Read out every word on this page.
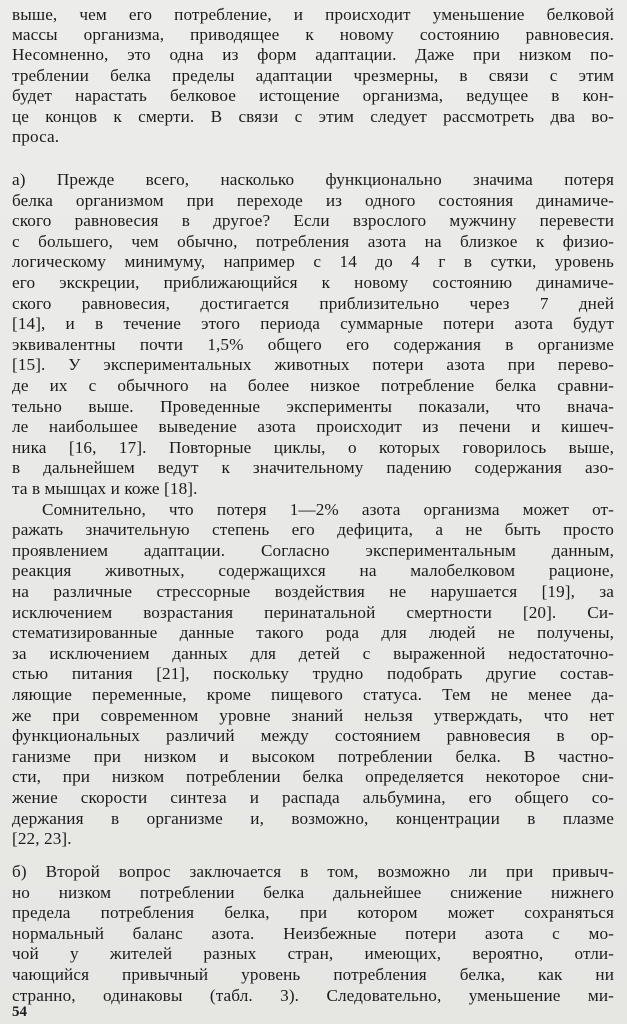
выше, чем его потребление, и происходит уменьшение белковой
массы организма, приводящее к новому состоянию равновесия.
Несомненно, это одна из форм адаптации. Даже при низком по-
треблении белка пределы адаптации чрезмерны, в связи с этим
будет нарастать белковое истощение организма, ведущее в кон-
це концов к смерти. В связи с этим следует рассмотреть два во-
проса.
а) Прежде всего, насколько функционально значима потеря
белка организмом при переходе из одного состояния динамиче-
ского равновесия в другое? Если взрослого мужчину перевести
с большего, чем обычно, потребления азота на близкое к физио-
логическому минимуму, например с 14 до 4 г в сутки, уровень
его экскреции, приближающийся к новому состоянию динамиче-
ского равновесия, достигается приблизительно через 7 дней
[14], и в течение этого периода суммарные потери азота будут
эквивалентны почти 1,5% общего его содержания в организме
[15]. У экспериментальных животных потери азота при перево-
де их с обычного на более низкое потребление белка сравни-
тельно выше. Проведенные эксперименты показали, что внача-
ле наибольшее выведение азота происходит из печени и кишеч-
ника [16, 17]. Повторные циклы, о которых говорилось выше,
в дальнейшем ведут к значительному падению содержания азо-
та в мышцах и коже [18].
Сомнительно, что потеря 1—2% азота организма может от-
ражать значительную степень его дефицита, а не быть просто
проявлением адаптации. Согласно экспериментальным данным,
реакция животных, содержащихся на малобелковом рационе,
на различные стрессорные воздействия не нарушается [19], за
исключением возрастания перинатальной смертности [20]. Си-
стематизированные данные такого рода для людей не получены,
за исключением данных для детей с выраженной недостаточно-
стью питания [21], поскольку трудно подобрать другие состав-
ляющие переменные, кроме пищевого статуса. Тем не менее да-
же при современном уровне знаний нельзя утверждать, что нет
функциональных различий между состоянием равновесия в ор-
ганизме при низком и высоком потреблении белка. В частно-
сти, при низком потреблении белка определяется некоторое сни-
жение скорости синтеза и распада альбумина, его общего со-
держания в организме и, возможно, концентрации в плазме
[22, 23].
б) Второй вопрос заключается в том, возможно ли при привыч-
но низком потреблении белка дальнейшее снижение нижнего
предела потребления белка, при котором может сохраняться
нормальный баланс азота. Неизбежные потери азота с мо-
чой у жителей разных стран, имеющих, вероятно, отли-
чающийся привычный уровень потребления белка, как ни
странно, одинаковы (табл. 3). Следовательно, уменьшение ми-
54
